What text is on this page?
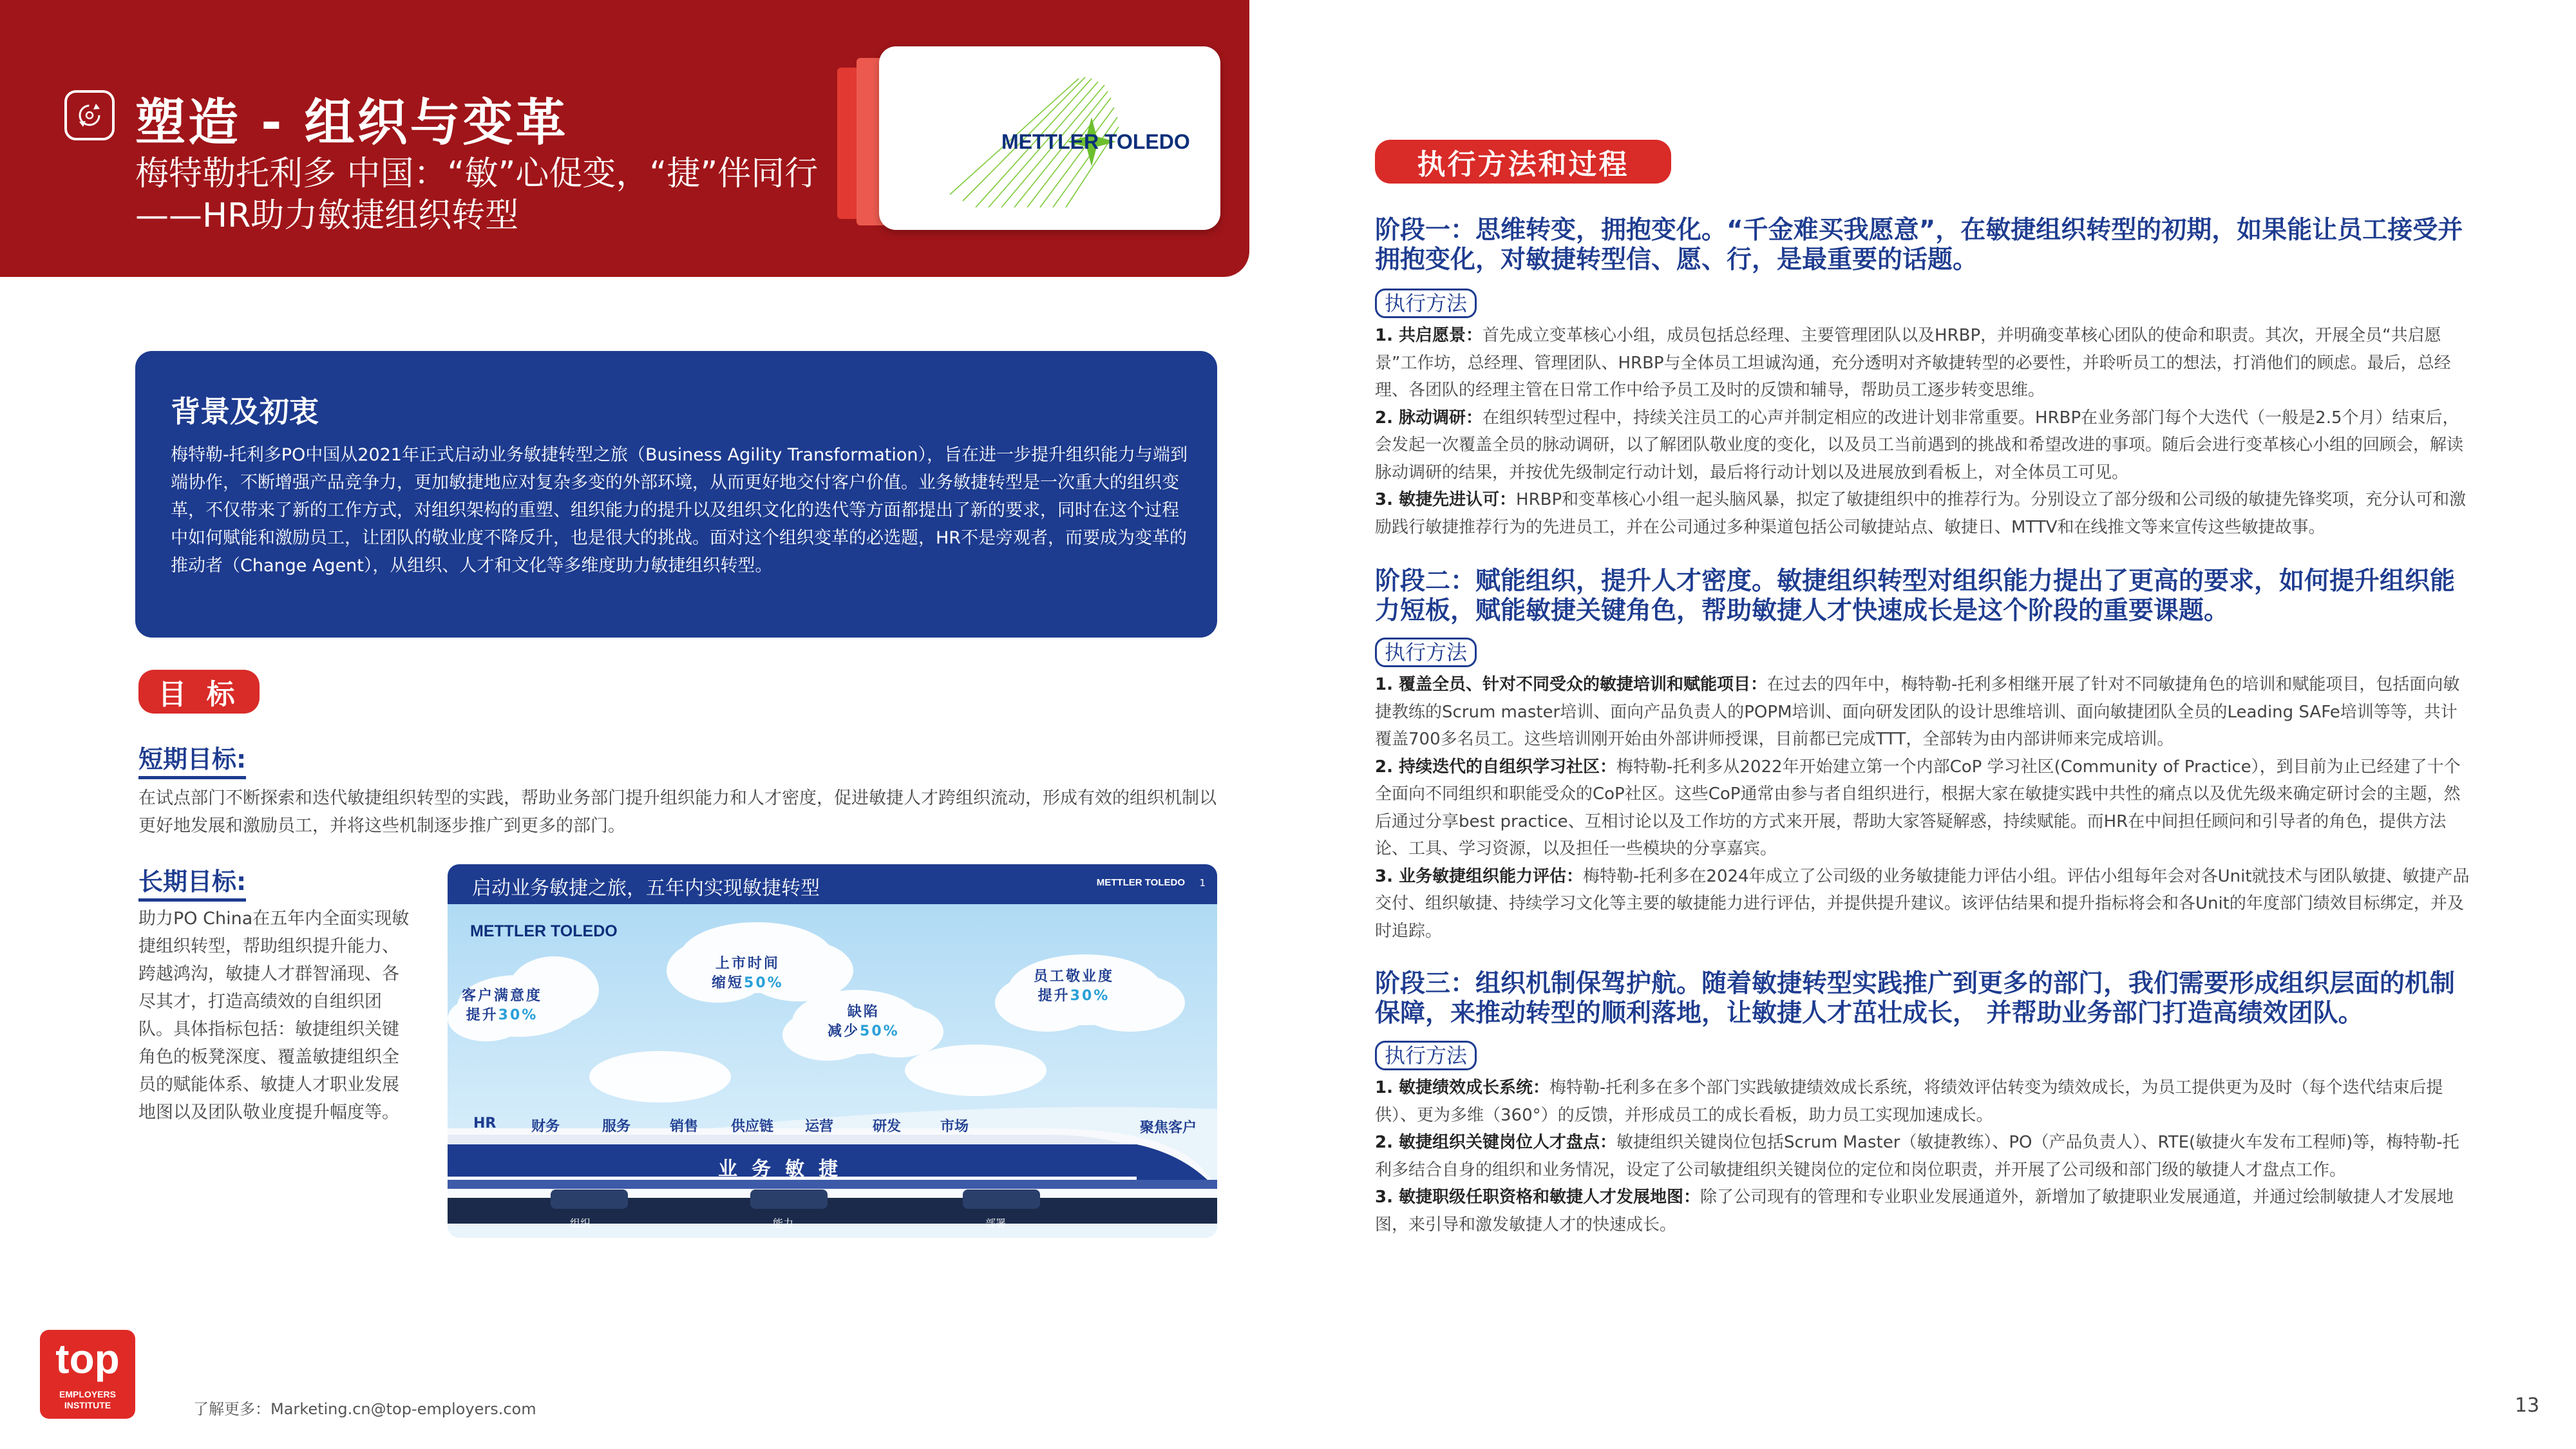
塑造 - 组织与变革
梅特勒托利多 中国：“敏”心促变，“捷”伴同行——HR助力敏捷组织转型
METTLER TOLEDO
背景及初衷
梅特勒-托利多PO中国从2021年正式启动业务敏捷转型之旅（Business Agility Transformation），旨在进一步提升组织能力与端到端协作，不断增强产品竞争力，更加敏捷地应对复杂多变的外部环境，从而更好地交付客户价值。业务敏捷转型是一次重大的组织变革，不仅带来了新的工作方式，对组织架构的重塑、组织能力的提升以及组织文化的迭代等方面都提出了新的要求，同时在这个过程中如何赋能和激励员工，让团队的敬业度不降反升，也是很大的挑战。面对这个组织变革的必选题，HR不是旁观者，而要成为变革的推动者（Change Agent），从组织、人才和文化等多维度助力敏捷组织转型。
目 标
短期目标:
在试点部门不断探索和迭代敏捷组织转型的实践，帮助业务部门提升组织能力和人才密度，促进敏捷人才跨组织流动，形成有效的组织机制以更好地发展和激励员工，并将这些机制逐步推广到更多的部门。
长期目标:
助力PO China在五年内全面实现敏捷组织转型，帮助组织提升能力、跨越鸿沟，敏捷人才群智涌现、各尽其才，打造高绩效的自组织团队。具体指标包括：敏捷组织关键角色的板凳深度、覆盖敏捷组织全员的赋能体系、敏捷人才职业发展地图以及团队敬业度提升幅度等。
启动业务敏捷之旅，五年内实现敏捷转型	METTLER TOLEDO 1
METTLER TOLEDO
客户满意度
提升30%
上市时间
缩短50%
缺陷
减少50%
员工敬业度
提升30%
HR 财务	服务	销售 供应链 运营	研发	市场	聚焦客户
业务敏捷
组织	能力	部署
top
EMPLOYERS
INSTITUTE	了解更多：Marketing.cn@top-employers.com	13
执行方法和过程
阶段一：思维转变，拥抱变化。“千金难买我愿意”，在敏捷组织转型的初期，如果能让员工接受并拥抱变化，对敏捷转型信、愿、行，是最重要的话题。
执行方法

1. 共启愿景：首先成立变革核心小组，成员包括总经理、主要管理团队以及HRBP，并明确变革核心团队的使命和职责。其次，开展全员“共启愿景”工作坊，总经理、管理团队、HRBP与全体员工坦诚沟通，充分透明对齐敏捷转型的必要性，并聆听员工的想法，打消他们的顾虑。最后，总经理、各团队的经理主管在日常工作中给予员工及时的反馈和辅导，帮助员工逐步转变思维。

2. 脉动调研：在组织转型过程中，持续关注员工的心声并制定相应的改进计划非常重要。HRBP在业务部门每个大迭代（一般是2.5个月）结束后，会发起一次覆盖全员的脉动调研，以了解团队敬业度的变化，以及员工当前遇到的挑战和希望改进的事项。随后会进行变革核心小组的回顾会，解读脉动调研的结果，并按优先级制定行动计划，最后将行动计划以及进展放到看板上，对全体员工可见。

3. 敏捷先进认可：HRBP和变革核心小组一起头脑风暴，拟定了敏捷组织中的推荐行为。分别设立了部分级和公司级的敏捷先锋奖项，充分认可和激励践行敏捷推荐行为的先进员工，并在公司通过多种渠道包括公司敏捷站点、敏捷日、MTTV和在线推文等来宣传这些敏捷故事。

阶段二：赋能组织，提升人才密度。敏捷组织转型对组织能力提出了更高的要求，如何提升组织能力短板，赋能敏捷关键角色，帮助敏捷人才快速成长是这个阶段的重要课题。
执行方法

1. 覆盖全员、针对不同受众的敏捷培训和赋能项目：在过去的四年中，梅特勒-托利多相继开展了针对不同敏捷角色的培训和赋能项目，包括面向敏捷教练的Scrum master培训、面向产品负责人的POPM培训、面向研发团队的设计思维培训、面向敏捷团队全员的Leading SAFe培训等等，共计覆盖700多名员工。这些培训刚开始由外部讲师授课，目前都已完成TTT，全部转为由内部讲师来完成培训。

2. 持续迭代的自组织学习社区：梅特勒-托利多从2022年开始建立第一个内部CoP 学习社区(Community of Practice），到目前为止已经建了十个全面向不同组织和职能受众的CoP社区。这些CoP通常由参与者自组织进行，根据大家在敏捷实践中共性的痛点以及优先级来确定研讨会的主题，然后通过分享best practice、互相讨论以及工作坊的方式来开展，帮助大家答疑解惑，持续赋能。而HR在中间担任顾问和引导者的角色，提供方法论、工具、学习资源，以及担任一些模块的分享嘉宾。

3. 业务敏捷组织能力评估：梅特勒-托利多在2024年成立了公司级的业务敏捷能力评估小组。评估小组每年会对各Unit就技术与团队敏捷、敏捷产品交付、组织敏捷、持续学习文化等主要的敏捷能力进行评估，并提供提升建议。该评估结果和提升指标将会和各Unit的年度部门绩效目标绑定，并及时追踪。

阶段三：组织机制保驾护航。随着敏捷转型实践推广到更多的部门，我们需要形成组织层面的机制保障，来推动转型的顺利落地，让敏捷人才茁壮成长， 并帮助业务部门打造高绩效团队。
执行方法

1. 敏捷绩效成长系统：梅特勒-托利多在多个部门实践敏捷绩效成长系统，将绩效评估转变为绩效成长，为员工提供更为及时（每个迭代结束后提供）、更为多维（360°）的反馈，并形成员工的成长看板，助力员工实现加速成长。

2. 敏捷组织关键岗位人才盘点：敏捷组织关键岗位包括Scrum Master（敏捷教练）、PO（产品负责人）、RTE(敏捷火车发布工程师)等，梅特勒-托利多结合自身的组织和业务情况，设定了公司敏捷组织关键岗位的定位和岗位职责，并开展了公司级和部门级的敏捷人才盘点工作。

3. 敏捷职级任职资格和敏捷人才发展地图：除了公司现有的管理和专业职业发展通道外，新增加了敏捷职业发展通道，并通过绘制敏捷人才发展地图，来引导和激发敏捷人才的快速成长。
